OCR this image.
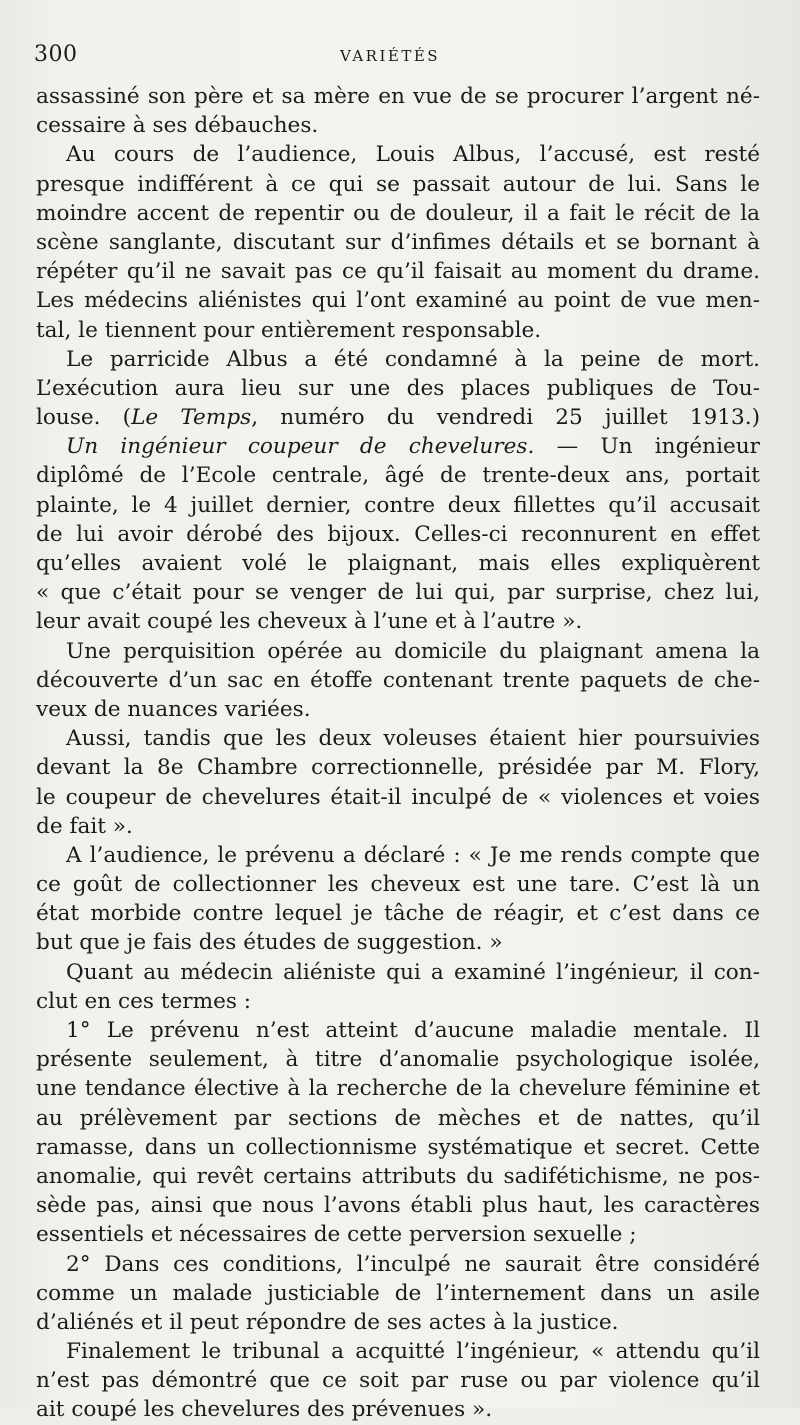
300	VARIÉTÉS
assassiné son père et sa mère en vue de se procurer l’argent né-
cessaire à ses débauches.
Au cours de l’audience, Louis Albus, l’accusé, est resté
presque indifférent à ce qui se passait autour de lui. Sans le
moindre accent de repentir ou de douleur, il a fait le récit de la
scène sanglante, discutant sur d’infimes détails et se bornant à
répéter qu’il ne savait pas ce qu’il faisait au moment du drame.
Les médecins aliénistes qui l’ont examiné au point de vue men-
tal, le tiennent pour entièrement responsable.
Le parricide Albus a été condamné à la peine de mort.
L’exécution aura lieu sur une des places publiques de Tou-
louse. (Le Temps, numéro du vendredi 25 juillet 1913.)
Un ingénieur coupeur de chevelures. — Un ingénieur
diplômé de l’Ecole centrale, âgé de trente-deux ans, portait
plainte, le 4 juillet dernier, contre deux fillettes qu’il accusait
de lui avoir dérobé des bijoux. Celles-ci reconnurent en effet
qu’elles avaient volé le plaignant, mais elles expliquèrent
« que c’était pour se venger de lui qui, par surprise, chez lui,
leur avait coupé les cheveux à l’une et à l’autre ».
Une perquisition opérée au domicile du plaignant amena la
découverte d’un sac en étoffe contenant trente paquets de che-
veux de nuances variées.
Aussi, tandis que les deux voleuses étaient hier poursuivies
devant la 8e Chambre correctionnelle, présidée par M. Flory,
le coupeur de chevelures était-il inculpé de « violences et voies
de fait ».
A l’audience, le prévenu a déclaré : « Je me rends compte que
ce goût de collectionner les cheveux est une tare. C’est là un
état morbide contre lequel je tâche de réagir, et c’est dans ce
but que je fais des études de suggestion. »
Quant au médecin aliéniste qui a examiné l’ingénieur, il con-
clut en ces termes :
1° Le prévenu n’est atteint d’aucune maladie mentale. Il
présente seulement, à titre d’anomalie psychologique isolée,
une tendance élective à la recherche de la chevelure féminine et
au prélèvement par sections de mèches et de nattes, qu’il
ramasse, dans un collectionnisme systématique et secret. Cette
anomalie, qui revêt certains attributs du sadifétichisme, ne pos-
sède pas, ainsi que nous l’avons établi plus haut, les caractères
essentiels et nécessaires de cette perversion sexuelle ;
2° Dans ces conditions, l’inculpé ne saurait être considéré
comme un malade justiciable de l’internement dans un asile
d’aliénés et il peut répondre de ses actes à la justice.
Finalement le tribunal a acquitté l’ingénieur, « attendu qu’il
n’est pas démontré que ce soit par ruse ou par violence qu’il
ait coupé les chevelures des prévenues ».
